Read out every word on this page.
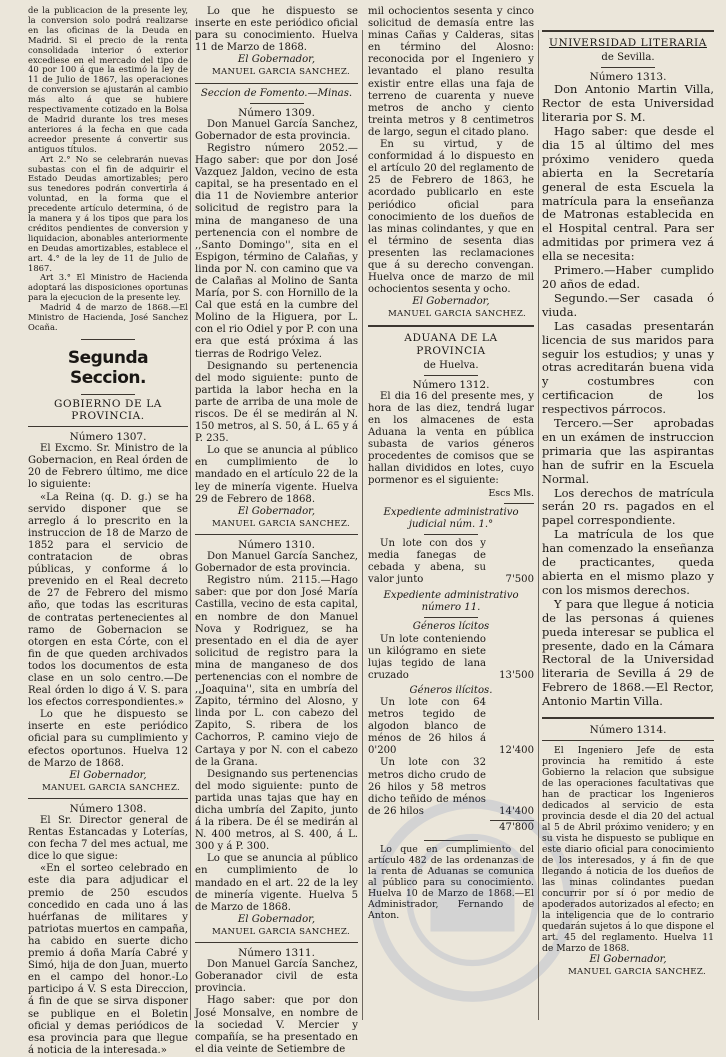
de la publicacion de la presente ley, la conversion solo podrá realizarse en las oficinas de la Deuda en Madrid. Si el precio de la renta consolidada interior ó exterior excediese en el mercado del tipo de 40 por 100 á que la estimó la ley de 11 de Julio de 1867, las operaciones de conversion se ajustarán al cambio más alto á que se hubiere respectivamente cotizado en la Bolsa de Madrid durante los tres meses anteriores á la fecha en que cada acreedor presente á convertir sus antiguos títulos.

Art 2.° No se celebrarán nuevas subastas con el fin de adquirir el Estado Deudas amortizables; pero sus tenedores podrán convertirla á voluntad, en la forma que el precedente artículo determina, ó de la manera y á los tipos que para los créditos pendientes de conversion y liquidacion, abonables anteriormente en Deudas amortizables, establece el art. 4.° de la ley de 11 de Julio de 1867.

Art 3.° El Ministro de Hacienda adoptará las disposiciones oportunas para la ejecucion de la presente ley.

Madrid 4 de marzo de 1868.—El Ministro de Hacienda, José Sanchez Ocaña.

Segunda Seccion.
GOBIERNO DE LA PROVINCIA.
Número 1307.

El Excmo. Sr. Ministro de la Gobernacion, en Real órden de 20 de Febrero último, me dice lo siguiente:

«La Reina (q. D. g.) se ha servido disponer que se arreglo á lo prescrito en la instruccion de 18 de Marzo de 1852 para el servicio de contratacion de obras públicas, y conforme á lo prevenido en el Real decreto de 27 de Febrero del mismo año, que todas las escrituras de contratas pertenecientes al ramo de Gobernacion se otorgen en esta Córte, con el fin de que queden archivados todos los documentos de esta clase en un solo centro.—De Real órden lo digo á V. S. para los efectos correspondientes.»

Lo que he dispuesto se inserte en este periódico oficial para su cumplimiento y efectos oportunos. Huelva 12 de Marzo de 1868.

El Gobernador,
MANUEL GARCIA SANCHEZ.
Número 1308.

El Sr. Director general de Rentas Estancadas y Loterías, con fecha 7 del mes actual, me dice lo que sigue:

«En el sorteo celebrado en este dia para adjudicar el premio de 250 escudos concedido en cada uno á las huérfanas de militares y patriotas muertos en campaña, ha cabido en suerte dicho premio á doña María Cabré y Simó, hija de don Juan, muerto en el campo del honor.-Lo participo á V. S esta Direccion, á fin de que se sirva disponer se publique en el Boletin oficial y demas periódicos de esa provincia para que llegue á noticia de la interesada.»

Lo que he dispuesto se inserte en este periódico oficial para su conocimiento. Huelva 11 de Marzo de 1868.

El Gobernador,
MANUEL GARCIA SANCHEZ.
Seccion de Fomento.—Minas.
Número 1309.

Don Manuel García Sanchez, Gobernador de esta provincia.

Registro número 2052.—Hago saber: que por don José Vazquez Jaldon, vecino de esta capital, se ha presentado en el dia 11 de Noviembre anterior solicitud de registro para la mina de manganeso de una pertenencia con el nombre de ,,Santo Domingo'', sita en el Espigon, término de Calañas, y linda por N. con camino que va de Calañas al Molino de Santa María, por S. con Hornillo de la Cal que está en la cumbre del Molino de la Higuera, por L. con el rio Odiel y por P. con una era que está próxima á las tierras de Rodrigo Velez.

Designando su pertenencia del modo siguiente: punto de partida la labor hecha en la parte de arriba de una mole de riscos. De él se medirán al N. 150 metros, al S. 50, á L. 65 y á P. 235.

Lo que se anuncia al público en cumplimiento de lo mandado en el artículo 22 de la ley de minería vigente. Huelva 29 de Febrero de 1868.

El Gobernador,
MANUEL GARCIA SANCHEZ.
Número 1310.

Don Manuel García Sanchez, Gobernador de esta provincia.

Registro núm. 2115.—Hago saber: que por don José María Castilla, vecino de esta capital, en nombre de don Manuel Nova y Rodriguez, se ha presentado en el dia de ayer solicitud de registro para la mina de manganeso de dos pertenencias con el nombre de ,,Joaquina'', sita en umbría del Zapito, término del Alosno, y linda por L. con cabezo del Zapito, S. ribera de los Cachorros, P. camino viejo de Cartaya y por N. con el cabezo de la Grana.

Designando sus pertenencias del modo siguiente: punto de partida unas tajas que hay en dicha umbría del Zapito, junto á la ribera. De él se medirán al N. 400 metros, al S. 400, á L. 300 y á P. 300.

Lo que se anuncia al público en cumplimiento de lo mandado en el art. 22 de la ley de minería vigente. Huelva 5 de Marzo de 1868.

El Gobernador,
MANUEL GARCIA SANCHEZ.
Número 1311.

Don Manuel García Sanchez, Goberanador civil de esta provincia.

Hago saber: que por don José Monsalve, en nombre de la sociedad V. Mercier y compañía, se ha presentado en el dia veinte de Setiembre de

mil ochocientos sesenta y cinco solicitud de demasía entre las minas Cañas y Calderas, sitas en término del Alosno: reconocida por el Ingeniero y levantado el plano resulta existir entre ellas una faja de terreno de cuarenta y nueve metros de ancho y ciento treinta metros y 8 centimetros de largo, segun el citado plano.

En su virtud, y de conformidad á lo dispuesto en el artículo 20 del reglamento de 25 de Febrero de 1863, he acordado publicarlo en este periódico oficial para conocimiento de los dueños de las minas colindantes, y que en el término de sesenta dias presenten las reclamaciones que á su derecho convengan. Huelva once de marzo de mil ochocientos sesenta y ocho.

El Gobernador,
MANUEL GARCIA SANCHEZ.
ADUANA DE LA PROVINCIA
de Huelva.
Número 1312.

El dia 16 del presente mes, y hora de las diez, tendrá lugar en los almacenes de esta Aduana la venta en pública subasta de varios géneros procedentes de comisos que se hallan divididos en lotes, cuyo pormenor es el siguiente:

Escs Mls.
Expediente administrativo judicial núm. 1.°

Un lote con dos y media fanegas de cebada y abena, su valor junto	7'500
Expediente administrativo número 11.
Géneros lícitos

Un lote conteniendo un kilógramo en siete lujas tegido de lana cruzado	13'500
Géneros ilícitos.

Un lote con 64 metros tegido de algodon blanco de ménos de 26 hilos á 0'200	12'400

Un lote con 32 metros dicho crudo de 26 hilos y 58 metros dicho teñido de ménos de 26 hilos	14'400
47'800

Lo que en cumplimiento del artículo 482 de las ordenanzas de la renta de Aduanas se comunica al público para su conocimiento. Huelva 10 de Marzo de 1868.—El Administrador, Fernando de Anton.

UNIVERSIDAD LITERARIA
de Sevilla.
Número 1313.

Don Antonio Martin Villa, Rector de esta Universidad literaria por S. M.

Hago saber: que desde el dia 15 al último del mes próximo venidero queda abierta en la Secretaría general de esta Escuela la matrícula para la enseñanza de Matronas establecida en el Hospital central. Para ser admitidas por primera vez á ella se necesita:

Primero.—Haber cumplido 20 años de edad.

Segundo.—Ser casada ó viuda.

Las casadas presentarán licencia de sus maridos para seguir los estudios; y unas y otras acreditarán buena vida y costumbres con certificacion de los respectivos párrocos.

Tercero.—Ser aprobadas en un exámen de instruccion primaria que las aspirantas han de sufrir en la Escuela Normal.

Los derechos de matrícula serán 20 rs. pagados en el papel correspondiente.

La matrícula de los que han comenzado la enseñanza de practicantes, queda abierta en el mismo plazo y con los mismos derechos.

Y para que llegue á noticia de las personas á quienes pueda interesar se publica el presente, dado en la Cámara Rectoral de la Universidad literaria de Sevilla á 29 de Febrero de 1868.—El Rector, Antonio Martin Villa.

Número 1314.

El Ingeniero Jefe de esta provincia ha remitido á este Gobierno la relacion que subsigue de las operaciones facultativas que han de practicar los Ingenieros dedicados al servicio de esta provincia desde el dia 20 del actual al 5 de Abril próximo venidero; y en su vista he dispuesto se publique en este diario oficial para conocimiento de los interesados, y á fin de que llegando á noticia de los dueños de las minas colindantes puedan concurrir por sí ó por medio de apoderados autorizados al efecto; en la inteligencia que de lo contrario quedarán sujetos á lo que dispone el art. 45 del reglamento. Huelva 11 de Marzo de 1868.

El Gobernador,
MANUEL GARCIA SANCHEZ.
